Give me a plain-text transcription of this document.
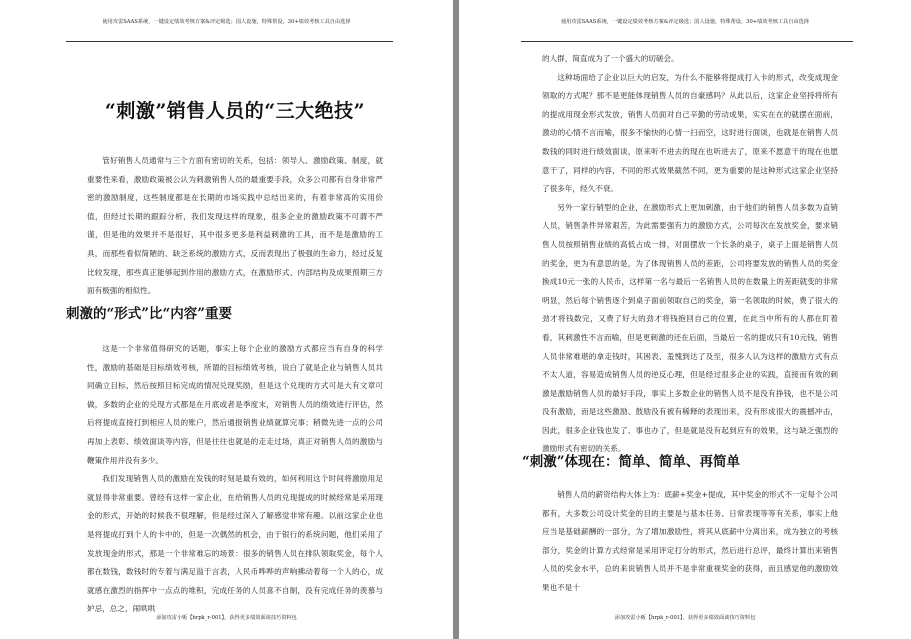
使用攻雷SAAS系统，一键设定绩效考核方案&评定级选；国人设施，特殊帮设，30+绩效考核工具自由选择
“刺激”销售人员的“三大绝技”

管好销售人员通常与三个方面有密切的关系，包括：领导人、激励政策、制度，就重要性来看，激励政策被公认为刺激销售人员的最重要手段，众多公司都有自身非常严密的激励制度，这些制度都是在长期的市场实践中总结出来的，有着非常高的实用价值，但经过长期的跟踪分析，我们发现这样的现象，很多企业的激励政策不可谓不严谨，但是他的效果并不是很好，其中很多更多是利益刺激的工具，而不是是激励的工具，而那些看似简陋的、缺乏系统的激励方式，反而表现出了极强的生命力，经过反复比较发现，那些真正能够起到作用的激励方式，在激励形式、内部结构及成果预期三方面有极强的相似性。

刺激的“形式”比“内容”重要

这是一个非常值得研究的话题，事实上每个企业的激励方式都应当有自身的科学性，激励的基础是目标绩效考核，所谓的目标绩效考核，说白了就是企业与销售人员共同确立目标，然后按照目标完成的情况兑现奖励，但是这个兑现的方式可是大有文章可做，多数的企业的兑现方式都是在月底或者是季度末，对销售人员的绩效进行评估，然后将提成直接打到相应人员的账户，然后通报销售业绩就算完事；稍微先进一点的公司再加上表彰、绩效面谈等内容，但是往往也就是的走走过场，真正对销售人员的激励与鞭策作用并没有多少。

我们发现销售人员的激励在发钱的时刻是最有效的，如何利用这个时间将激励用足就显得非常重要。曾经有这样一家企业，在给销售人员的兑现提成的时候经常是采用现金的形式，开始的时候我不很理解，但是经过深入了解感觉非常有趣。以前这家企业也是将提成打到个人的卡中的，但是一次偶然的机会，由于银行的系统问题，他们采用了发放现金的形式，那是一个非常难忘的场景：很多的销售人员在排队领取奖金，每个人都在数钱，数钱时的专着与满足溢于言表，人民币哗哗的声响拂动着每一个人的心，成就感在激烈的指挥中一点点的堆积，完成任务的人员喜不自制，没有完成任务的羡慕与妒忌，总之，闹哄哄

添加攻雷小贩【hrpk_r-001】，获得更多绩效面谈技巧资料包
使用攻雷SAAS系统，一键设定绩效考核方案&评定级选；国人设施，特殊帮设，30+绩效考核工具自由选择

的人群，简直成为了一个盛大的切磋会。

这种场面给了企业以巨大的启发，为什么不能够将提成打入卡的形式，改变成现金领取的方式呢？那不是更能体现销售人员的自豪感吗？从此以后，这家企业坚持将所有的提成用现金形式发放，销售人员面对自己辛勤的劳动成果，实实在在的就摆在面前，激动的心情不言而喻，很多不愉快的心情一扫而空，这时进行面谈，也就是在销售人员数钱的同时进行绩效面谈，原来听不进去的现在也听进去了，原来不愿意干的现在也愿意干了，同样的内容，不同的形式效果截然不同，更为重要的是这种形式这家企业坚持了很多年，经久不衰。

另外一家行销型的企业，在激励形式上更加刺激，由于他们的销售人员多数为直销人员，销售条件异常艰苦，为此需要强有力的激励方式，公司每次在发放奖金，要求销售人员按照销售业绩的高低占成一排，对面摆放一个长条的桌子，桌子上面是销售人员的奖金，更为有意思的是，为了体现销售人员的差距，公司将要发放的销售人员的奖金换成10元一张的人民币，这样第一名与最后一名销售人员的在数量上的差距就变的非常明显，然后每个销售逐个到桌子面前领取自己的奖金，第一名领取的时候，费了很大的劲才将钱数完，又费了好大的劲才将钱抱回自己的位置，在此当中所有的人都在盯着看，其刺激性不言而喻，但是更刺激的还在后面，当最后一名的提成只有10元钱，销售人员非常难堪的拿走钱时，其困表、羞愧到达了及至，很多人认为这样的激励方式有点不太人道，容易造成销售人员的逆反心理，但是经过很多企业的实践，直接而有效的刺激是激励销售人员的最好手段，事实上多数企业的销售人员不是没有挣钱，也不是公司没有激励，而是这些激励、鼓励没有被有稀释的表现出来，没有形成很大的震撼冲击，因此，很多企业钱也发了、事也办了，但是就是没有起到应有的效果，这与缺乏强烈的激励形式有密切的关系。

“刺激”体现在：简单、简单、再简单

销售人员的薪资结构大体上为：底薪+奖金+提成，其中奖金的形式不一定每个公司都有，大多数公司设计奖金的目的主要是与基本任务、日常表现等等有关系，事实上他应当是基础薪酬的一部分，为了增加激励性，将其从底薪中分离出来，成为独立的考核部分，奖金的计算方式经常是采用评定打分的形式，然后进行总评，最终计算出来销售人员的奖金水平，总的来说销售人员并不是非常重视奖金的获得，而且感觉他的激励效果也不是十

添加攻雷小贩【hrpk_r-001】，获得更多绩效面谈技巧资料包
